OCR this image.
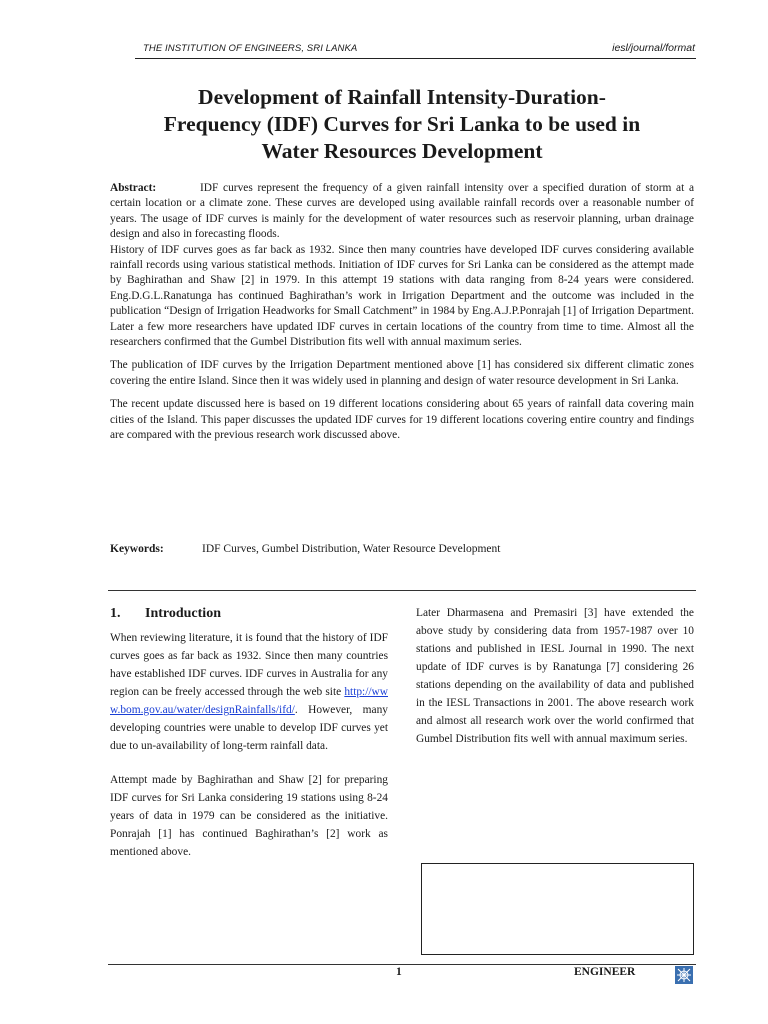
THE INSTITUTION OF ENGINEERS, SRI LANKA	iesl/journal/format
Development of Rainfall Intensity-Duration-
Frequency (IDF) Curves for Sri Lanka to be used in
Water Resources Development

Abstract:	IDF curves represent the frequency of a given rainfall intensity over a specified duration of storm at a certain location or a climate zone. These curves are developed using available rainfall records over a reasonable number of years. The usage of IDF curves is mainly for the development of water resources such as reservoir planning, urban drainage design and also in forecasting floods.

History of IDF curves goes as far back as 1932. Since then many countries have developed IDF curves considering available rainfall records using various statistical methods. Initiation of IDF curves for Sri Lanka can be considered as the attempt made by Baghirathan and Shaw [2] in 1979. In this attempt 19 stations with data ranging from 8-24 years were considered. Eng.D.G.L.Ranatunga has continued Baghirathan’s work in Irrigation Department and the outcome was included in the publication “Design of Irrigation Headworks for Small Catchment” in 1984 by Eng.A.J.P.Ponrajah [1] of Irrigation Department. Later a few more researchers have updated IDF curves in certain locations of the country from time to time. Almost all the researchers confirmed that the Gumbel Distribution fits well with annual maximum series.

The publication of IDF curves by the Irrigation Department mentioned above [1] has considered six different climatic zones covering the entire Island. Since then it was widely used in planning and design of water resource development in Sri Lanka.

The recent update discussed here is based on 19 different locations considering about 65 years of rainfall data covering main cities of the Island. This paper discusses the updated IDF curves for 19 different locations covering entire country and findings are compared with the previous research work discussed above.

Keywords:	IDF Curves, Gumbel Distribution, Water Resource Development
1. Introduction

When reviewing literature, it is found that the history of IDF curves goes as far back as 1932. Since then many countries have established IDF curves. IDF curves in Australia for any region can be freely accessed through the web site http://www.bom.gov.au/water/designRainfalls/ifd/. However, many developing countries were unable to develop IDF curves yet due to un-availability of long-term rainfall data.

Attempt made by Baghirathan and Shaw [2] for preparing IDF curves for Sri Lanka considering 19 stations using 8-24 years of data in 1979 can be considered as the initiative. Ponrajah [1] has continued Baghirathan’s [2] work as mentioned above.

Later Dharmasena and Premasiri [3] have extended the above study by considering data from 1957-1987 over 10 stations and published in IESL Journal in 1990. The next update of IDF curves is by Ranatunga [7] considering 26 stations depending on the availability of data and published in the IESL Transactions in 2001. The above research work and almost all research work over the world confirmed that Gumbel Distribution fits well with annual maximum series.

1	ENGINEER
